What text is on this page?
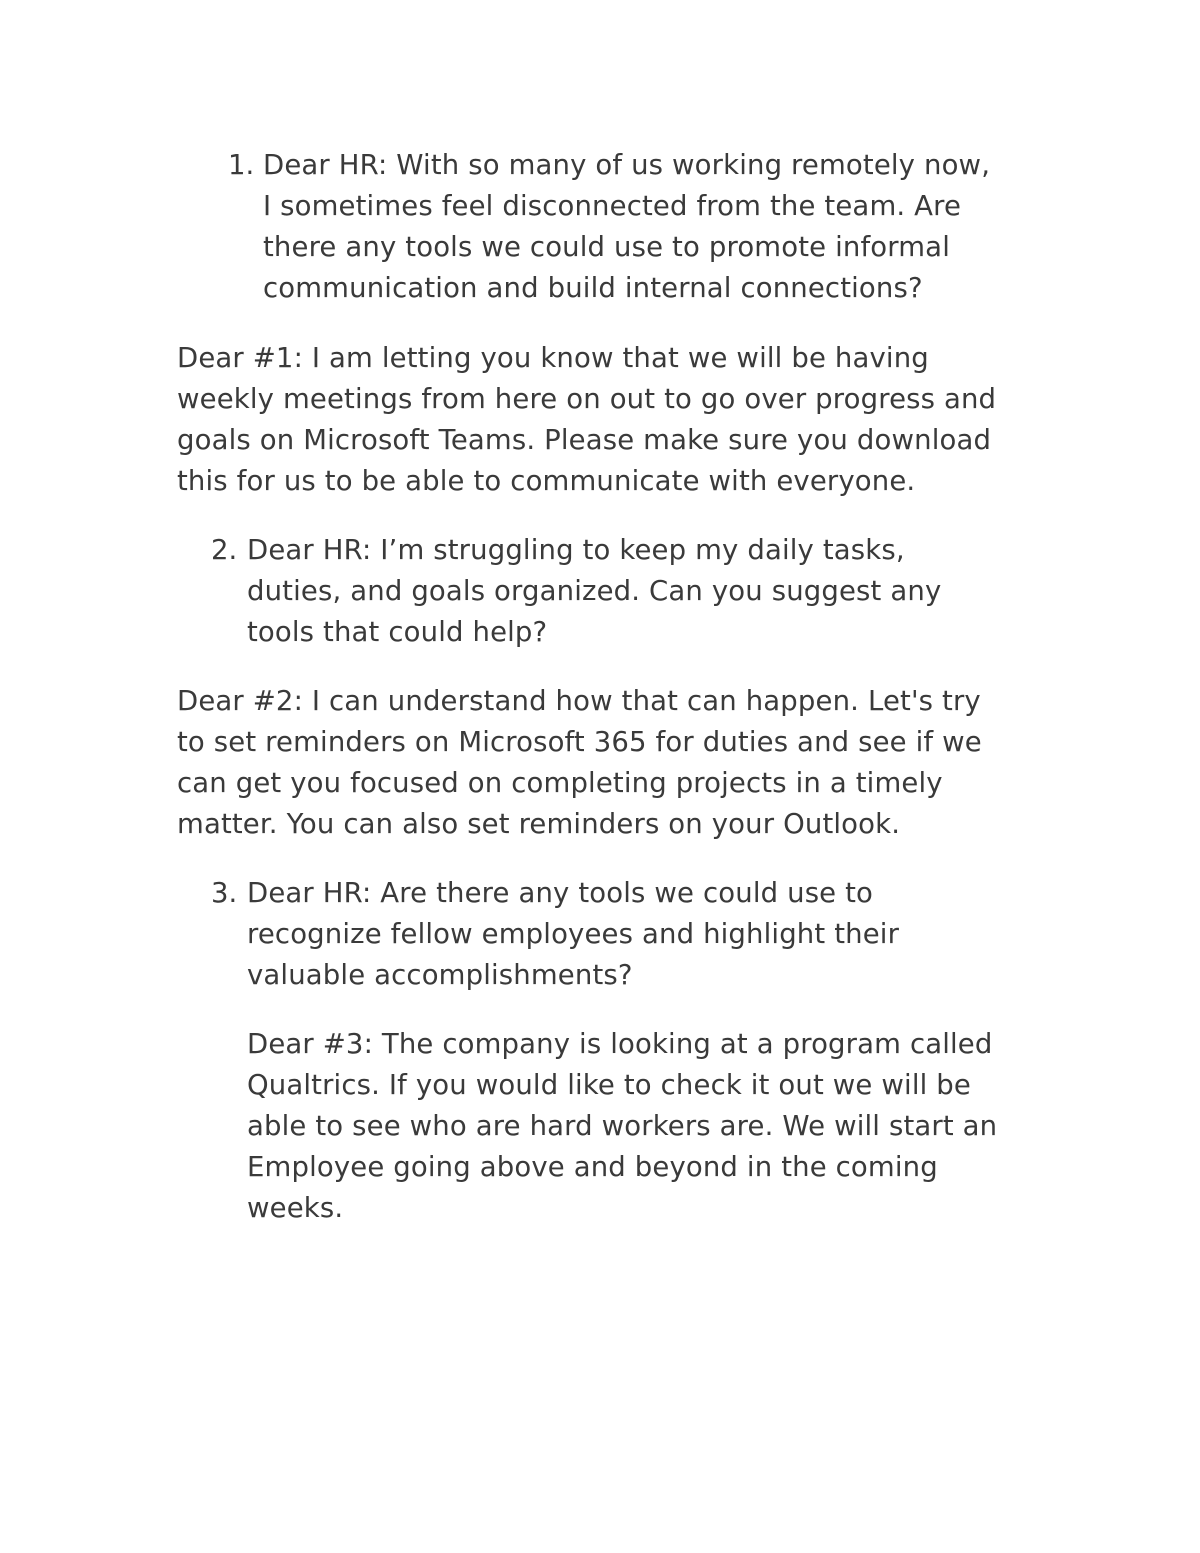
1. Dear HR: With so many of us working remotely now,
I sometimes feel disconnected from the team. Are
there any tools we could use to promote informal
communication and build internal connections?
Dear #1: I am letting you know that we will be having
weekly meetings from here on out to go over progress and
goals on Microsoft Teams. Please make sure you download
this for us to be able to communicate with everyone.
2. Dear HR: I’m struggling to keep my daily tasks,
duties, and goals organized. Can you suggest any
tools that could help?
Dear #2: I can understand how that can happen. Let's try
to set reminders on Microsoft 365 for duties and see if we
can get you focused on completing projects in a timely
matter. You can also set reminders on your Outlook.
3. Dear HR: Are there any tools we could use to
recognize fellow employees and highlight their
valuable accomplishments?
Dear #3: The company is looking at a program called
Qualtrics. If you would like to check it out we will be
able to see who are hard workers are. We will start an
Employee going above and beyond in the coming
weeks.
